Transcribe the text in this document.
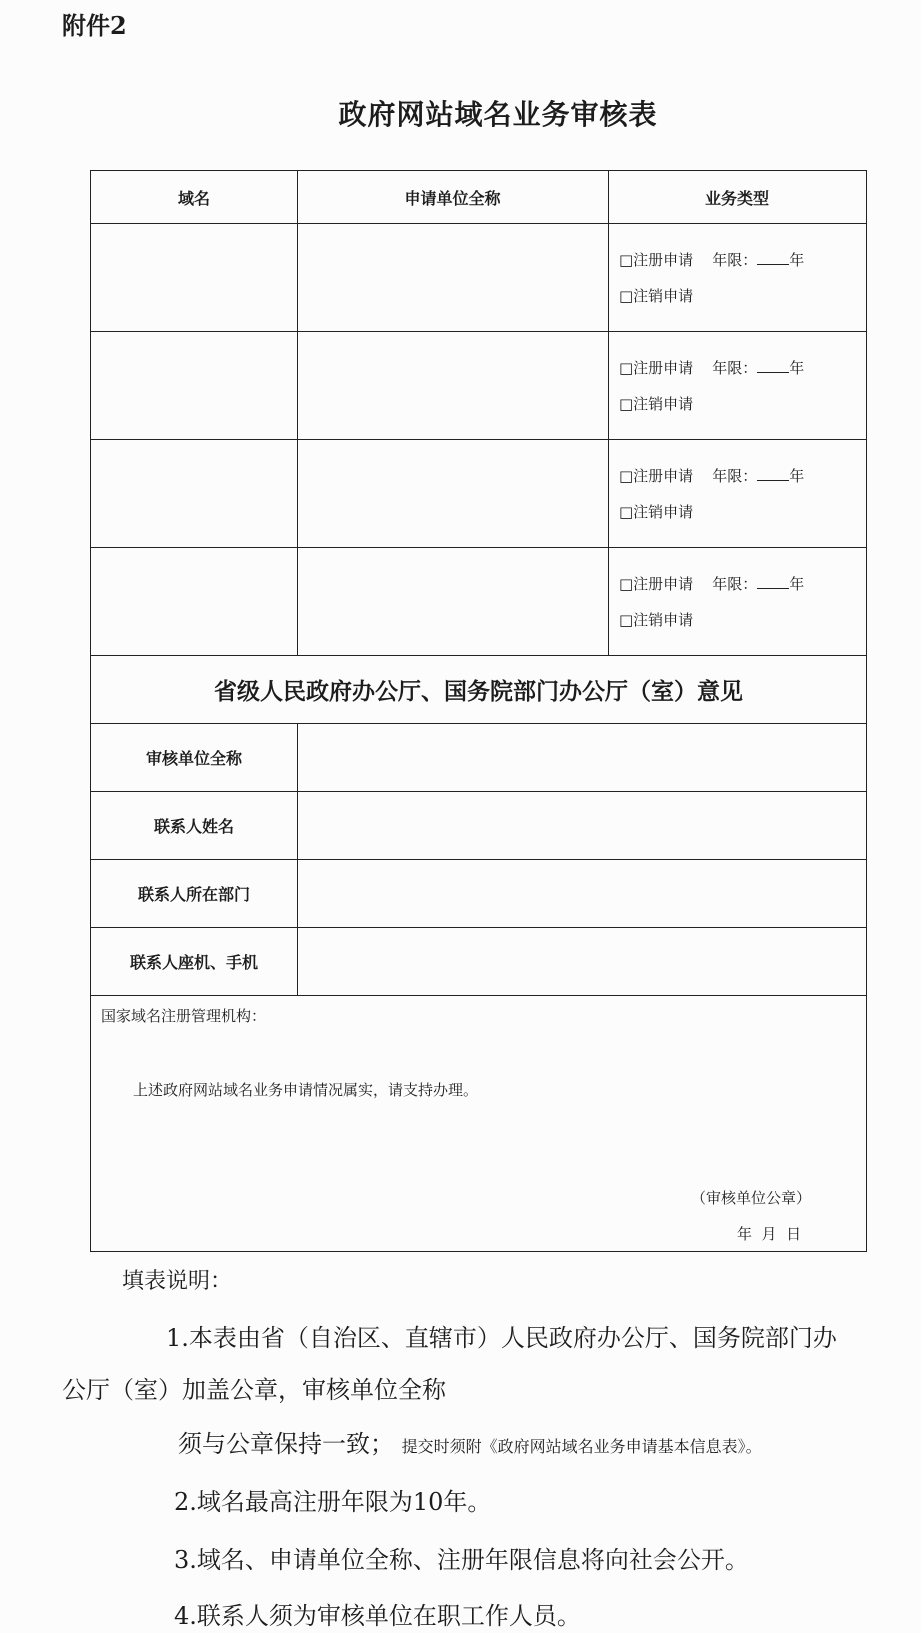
附件2
政府网站域名业务审核表
域名	申请单位全称	业务类型
□注册申请 年限： 年
□注销申请
□注册申请 年限： 年
□注销申请
□注册申请 年限： 年
□注销申请
□注册申请 年限： 年
□注销申请
省级人民政府办公厅、国务院部门办公厅（室）意见
审核单位全称
联系人姓名
联系人所在部门
联系人座机、手机
国家域名注册管理机构：
上述政府网站域名业务申请情况属实，请支持办理。
（审核单位公章）
年  月  日
填表说明：
1.本表由省（自治区、直辖市）人民政府办公厅、国务院部门办
公厅（室）加盖公章，审核单位全称
须与公章保持一致； 提交时须附《政府网站域名业务申请基本信息表》。
2.域名最高注册年限为10年。
3.域名、申请单位全称、注册年限信息将向社会公开。
4.联系人须为审核单位在职工作人员。
